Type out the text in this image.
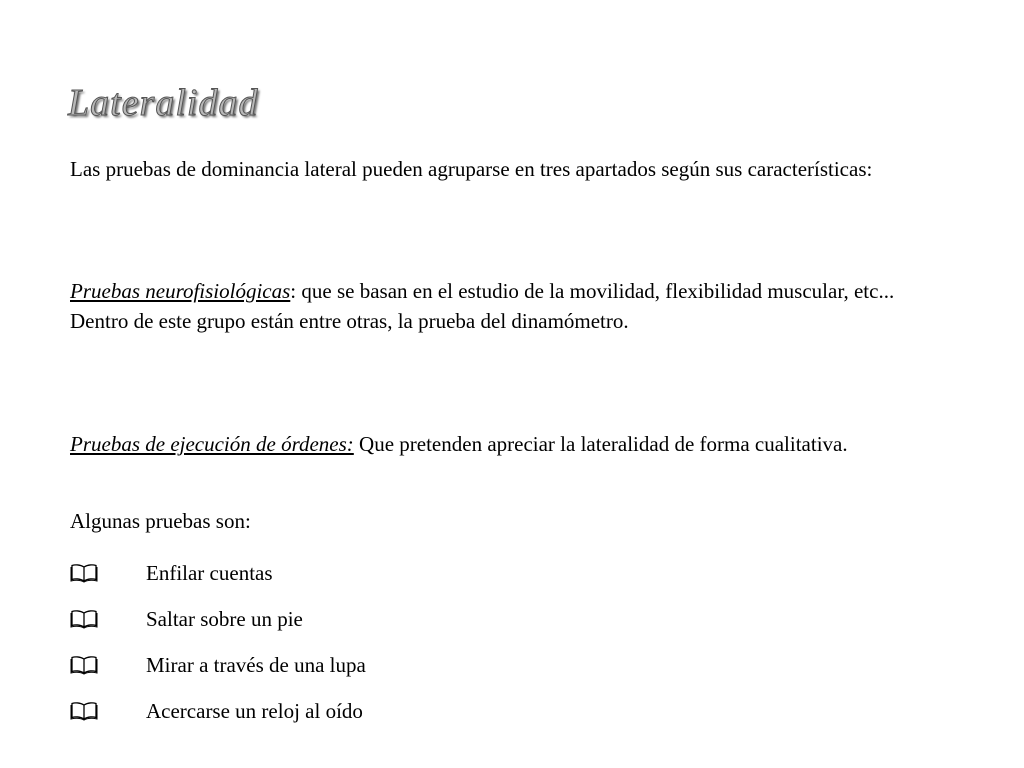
Lateralidad

Las pruebas de dominancia lateral pueden agruparse en tres apartados según sus características:

Pruebas neurofisiológicas: que se basan en el estudio de la movilidad, flexibilidad muscular, etc... Dentro de este grupo están entre otras, la prueba del dinamómetro.

Pruebas de ejecución de órdenes: Que pretenden apreciar la lateralidad de forma cualitativa.

Algunas pruebas son:

Enfilar cuentas
Saltar sobre un pie
Mirar a través de una lupa
Acercarse un reloj al oído
